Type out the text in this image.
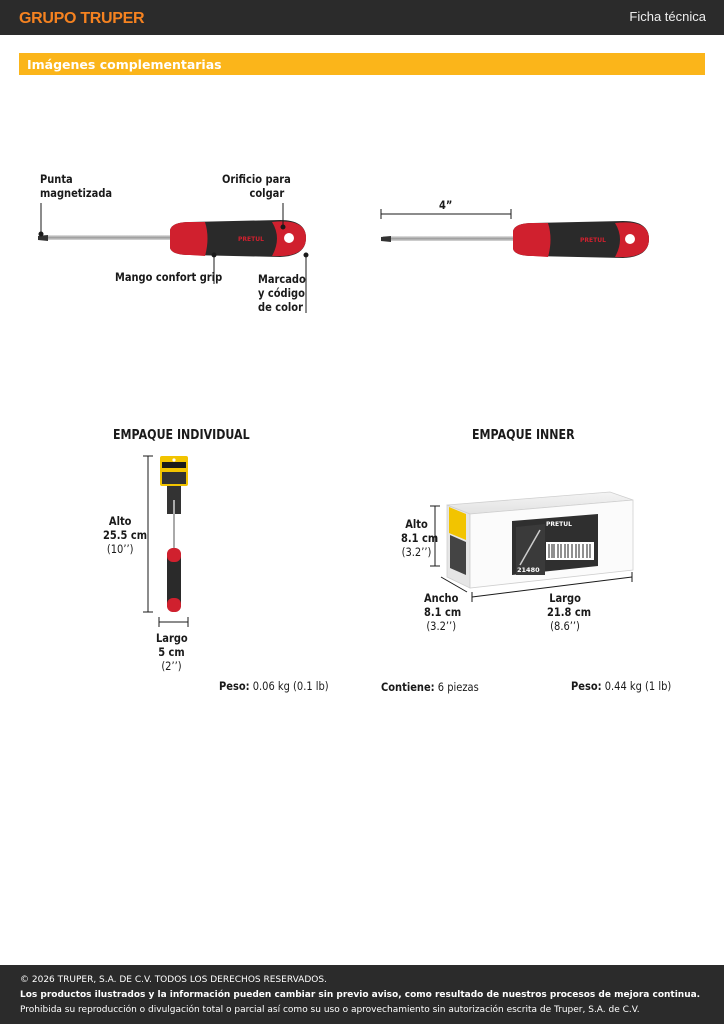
GRUPO TRUPER	Ficha técnica
Imágenes complementarias
PRETUL	PRETUL
21480
PRETUL
Punta
magnetizada
Orificio para
colgar
Mango confort grip	Marcado
y código
de color
4”
EMPAQUE INDIVIDUAL	EMPAQUE INNER
Alto
25.5 cm
(10’’)
Largo
5 cm
(2’’)
Peso: 0.06 kg (0.1 lb)
Alto
8.1 cm
(3.2’’)
Ancho
8.1 cm
(3.2’’)
Largo
21.8 cm
(8.6’’)
Contiene: 6 piezas	Peso: 0.44 kg (1 lb)
© 2026 TRUPER, S.A. DE C.V. TODOS LOS DERECHOS RESERVADOS.
Los productos ilustrados y la información pueden cambiar sin previo aviso, como resultado de nuestros procesos de mejora continua.
Prohibida su reproducción o divulgación total o parcial así como su uso o aprovechamiento sin autorización escrita de Truper, S.A. de C.V.
